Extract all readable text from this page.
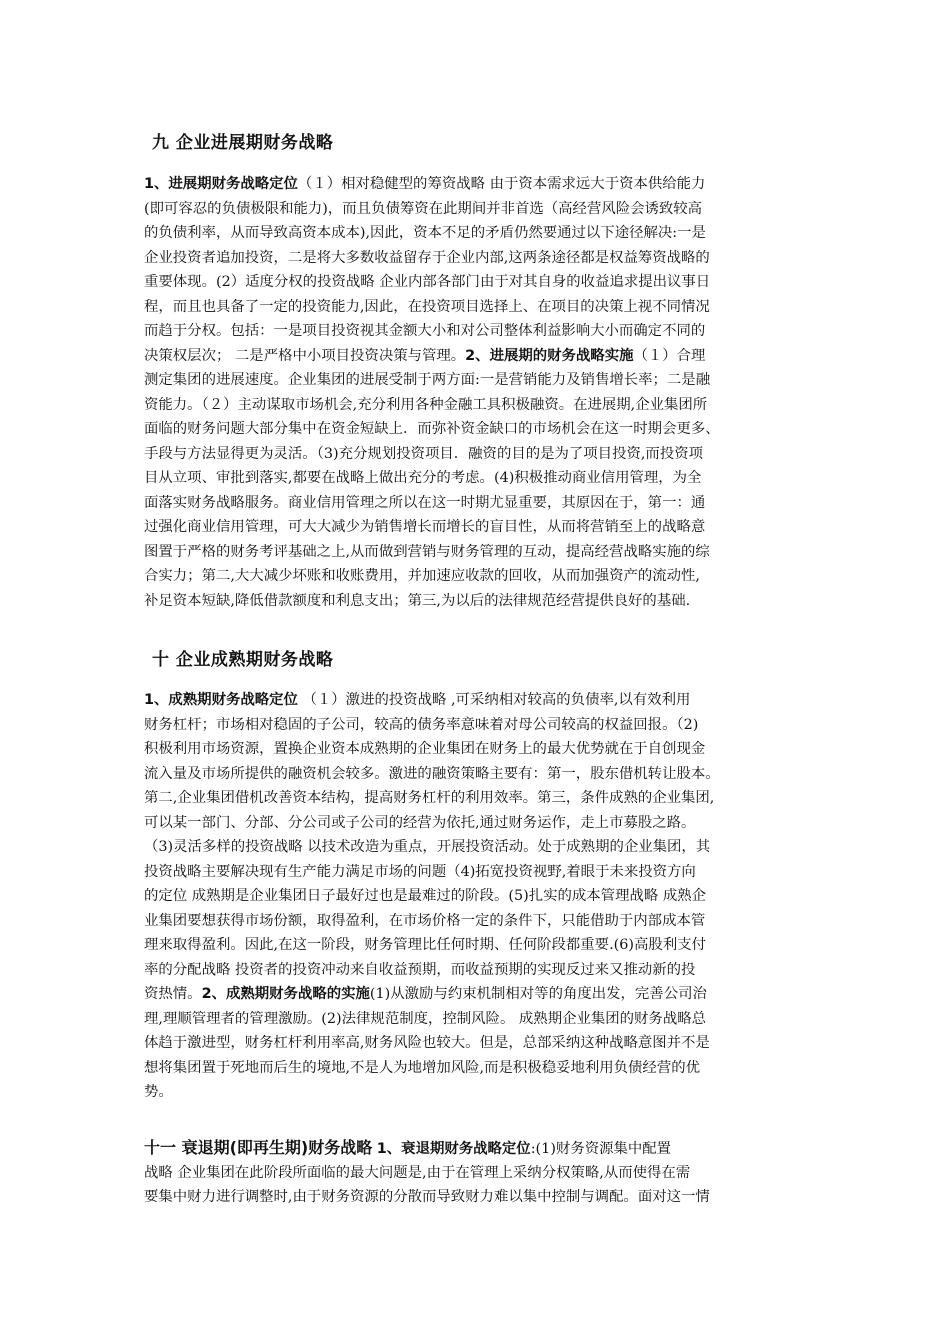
九 企业进展期财务战略
1、进展期财务战略定位（１）相对稳健型的筹资战略 由于资本需求远大于资本供给能力
(即可容忍的负债极限和能力)，而且负债筹资在此期间并非首选（高经营风险会诱致较高
的负债利率，从而导致高资本成本),因此，资本不足的矛盾仍然要通过以下途径解决:一是
企业投资者追加投资，二是将大多数收益留存于企业内部,这两条途径都是权益筹资战略的
重要体现。(2）适度分权的投资战略 企业内部各部门由于对其自身的收益追求提出议事日
程，而且也具备了一定的投资能力,因此，在投资项目选择上、在项目的决策上视不同情况
而趋于分权。包括：一是项目投资视其金额大小和对公司整体利益影响大小而确定不同的
决策权层次； 二是严格中小项目投资决策与管理。2、进展期的财务战略实施（１）合理
测定集团的进展速度。企业集团的进展受制于两方面:一是营销能力及销售增长率；二是融
资能力。（２）主动谋取市场机会,充分利用各种金融工具积极融资。在进展期,企业集团所
面临的财务问题大部分集中在资金短缺上．而弥补资金缺口的市场机会在这一时期会更多、
手段与方法显得更为灵活。（3)充分规划投资项目．融资的目的是为了项目投资,而投资项
目从立项、审批到落实,都要在战略上做出充分的考虑。(4)积极推动商业信用管理，为全
面落实财务战略服务。商业信用管理之所以在这一时期尤显重要，其原因在于，第一：通
过强化商业信用管理，可大大减少为销售增长而增长的盲目性，从而将营销至上的战略意
图置于严格的财务考评基础之上,从而做到营销与财务管理的互动，提高经营战略实施的综
合实力；第二,大大减少坏账和收账费用，并加速应收款的回收，从而加强资产的流动性,
补足资本短缺,降低借款额度和利息支出；第三,为以后的法律规范经营提供良好的基础.
十 企业成熟期财务战略
1、成熟期财务战略定位 （１）激进的投资战略 ,可采纳相对较高的负债率,以有效利用
财务杠杆；市场相对稳固的子公司，较高的债务率意味着对母公司较高的权益回报。（2)
积极利用市场资源，置换企业资本成熟期的企业集团在财务上的最大优势就在于自创现金
流入量及市场所提供的融资机会较多。激进的融资策略主要有：第一，股东借机转让股本。
第二,企业集团借机改善资本结构，提高财务杠杆的利用效率。第三，条件成熟的企业集团,
可以某一部门、分部、分公司或子公司的经营为依托,通过财务运作，走上市募股之路。
（3)灵活多样的投资战略 以技术改造为重点，开展投资活动。处于成熟期的企业集团，其
投资战略主要解决现有生产能力满足市场的问题（4)拓宽投资视野,着眼于未来投资方向
的定位 成熟期是企业集团日子最好过也是最难过的阶段。(5)扎实的成本管理战略 成熟企
业集团要想获得市场份额，取得盈利，在市场价格一定的条件下，只能借助于内部成本管
理来取得盈利。因此,在这一阶段，财务管理比任何时期、任何阶段都重要.(6)高股利支付
率的分配战略 投资者的投资冲动来自收益预期，而收益预期的实现反过来又推动新的投
资热情。2、成熟期财务战略的实施(1)从激励与约束机制相对等的角度出发，完善公司治
理,理顺管理者的管理激励。(2)法律规范制度，控制风险。 成熟期企业集团的财务战略总
体趋于激进型，财务杠杆利用率高,财务风险也较大。但是，总部采纳这种战略意图并不是
想将集团置于死地而后生的境地,不是人为地增加风险,而是积极稳妥地利用负债经营的优
势。
十一 衰退期(即再生期)财务战略 1、衰退期财务战略定位:(1)财务资源集中配置
战略 企业集团在此阶段所面临的最大问题是,由于在管理上采纳分权策略,从而使得在需
要集中财力进行调整时,由于财务资源的分散而导致财力难以集中控制与调配。面对这一情
